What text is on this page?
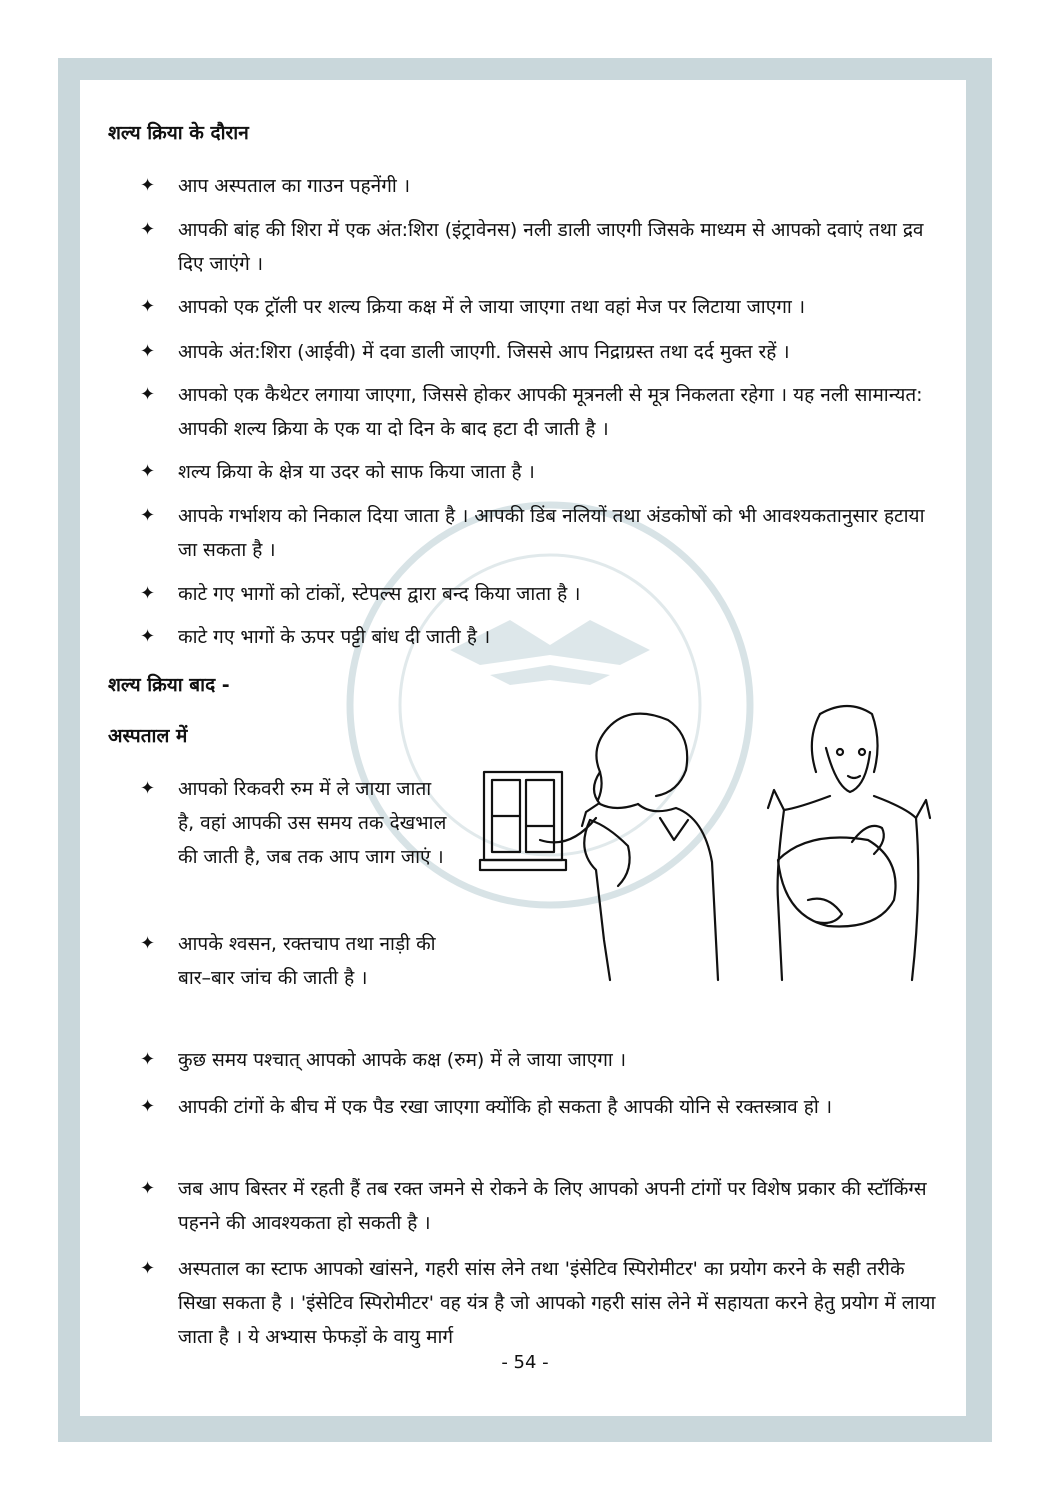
शल्य क्रिया के दौरान
✦	आप अस्पताल का गाउन पहनेंगी ।
✦	आपकी बांह की शिरा में एक अंत:शिरा (इंट्रावेनस) नली डाली जाएगी जिसके माध्यम से आपको दवाएं तथा द्रव दिए जाएंगे ।
✦	आपको एक ट्रॉली पर शल्य क्रिया कक्ष में ले जाया जाएगा तथा वहां मेज पर लिटाया जाएगा ।
✦	आपके अंत:शिरा (आईवी) में दवा डाली जाएगी. जिससे आप निद्राग्रस्त तथा दर्द मुक्त रहें ।
✦	आपको एक कैथेटर लगाया जाएगा, जिससे होकर आपकी मूत्रनली से मूत्र निकलता रहेगा । यह नली सामान्यत: आपकी शल्य क्रिया के एक या दो दिन के बाद हटा दी जाती है ।
✦	शल्य क्रिया के क्षेत्र या उदर को साफ किया जाता है ।
✦	आपके गर्भाशय को निकाल दिया जाता है । आपकी डिंब नलियों तथा अंडकोषों को भी आवश्यकतानुसार हटाया जा सकता है ।
✦	काटे गए भागों को टांकों, स्टेपल्स द्वारा बन्द किया जाता है ।
✦	काटे गए भागों के ऊपर पट्टी बांध दी जाती है ।
शल्य क्रिया बाद -
अस्पताल में
✦	आपको रिकवरी रुम में ले जाया जाता है, वहां आपकी उस समय तक देखभाल की जाती है, जब तक आप जाग जाएं ।
✦	आपके श्वसन, रक्तचाप तथा नाड़ी की बार–बार जांच की जाती है ।
✦	कुछ समय पश्चात् आपको आपके कक्ष (रुम) में ले जाया जाएगा ।
✦	आपकी टांगों के बीच में एक पैड रखा जाएगा क्योंकि हो सकता है आपकी योनि से रक्तस्त्राव हो ।
✦	जब आप बिस्तर में रहती हैं तब रक्त जमने से रोकने के लिए आपको अपनी टांगों पर विशेष प्रकार की स्टॉकिंग्स पहनने की आवश्यकता हो सकती है ।
✦	अस्पताल का स्टाफ आपको खांसने, गहरी सांस लेने तथा 'इंसेटिव स्पिरोमीटर' का प्रयोग करने के सही तरीके सिखा सकता है । 'इंसेटिव स्पिरोमीटर' वह यंत्र है जो आपको गहरी सांस लेने में सहायता करने हेतु प्रयोग में लाया जाता है । ये अभ्यास फेफड़ों के वायु मार्ग
- 54 -
